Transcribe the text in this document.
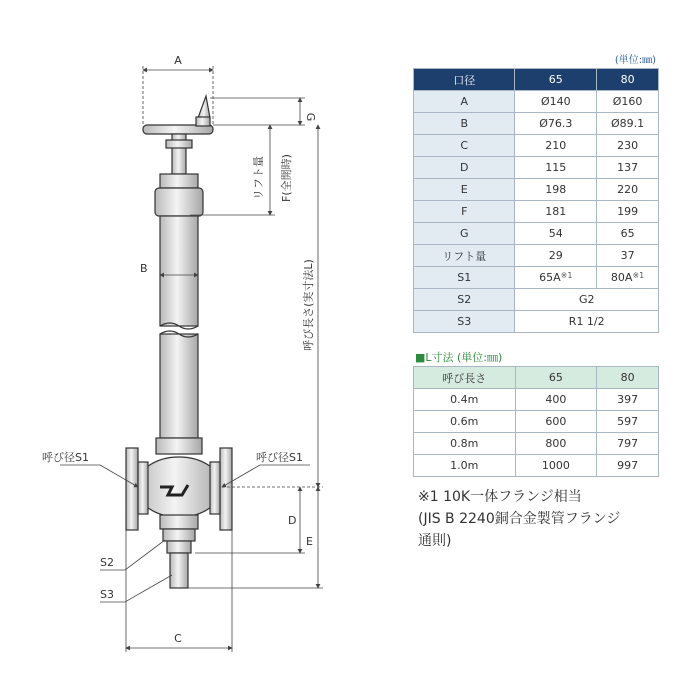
A
B
C
D
E
G
リフト量 F(全開時)
呼び長さ(実寸法L)
呼び径S1	呼び径S1
S2
S3
(単位:㎜)
口径	65	80
A	Ø140	Ø160
B	Ø76.3	Ø89.1
C	210	230
D	115	137
E	198	220
F	181	199
G	54	65
リフト量	29	37
S1	$65A^{※1}$	$80A^{※1}$
S2	G2	
S3	R1 1/2	
■L寸法 (単位:㎜)
呼び長さ	65	80
0.4m	400	397
0.6m	600	597
0.8m	800	797
1.0m	1000	997
※1 10K一体フランジ相当
(JIS B 2240銅合金製管フランジ
通則)
